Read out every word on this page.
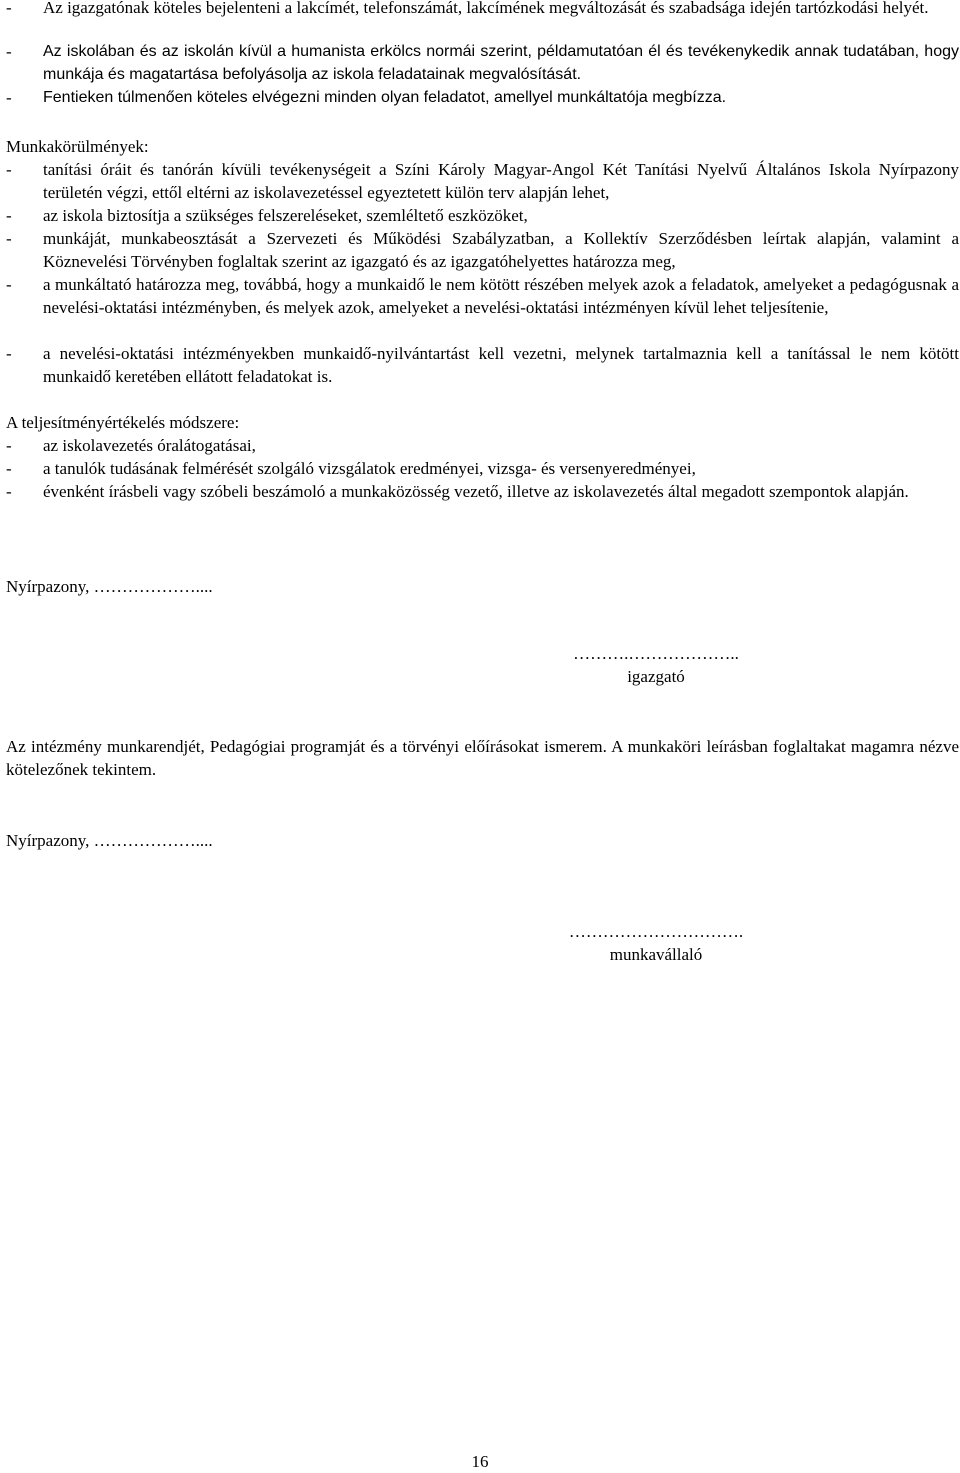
- Az igazgatónak köteles bejelenteni a lakcímét, telefonszámát, lakcímének megváltozását és szabadsága idején tartózkodási helyét.
- Az iskolában és az iskolán kívül a humanista erkölcs normái szerint, példamutatóan él és tevékenykedik annak tudatában, hogy munkája és magatartása befolyásolja az iskola feladatainak megvalósítását.
- Fentieken túlmenően köteles elvégezni minden olyan feladatot, amellyel munkáltatója megbízza.
Munkakörülmények:
- tanítási óráit és tanórán kívüli tevékenységeit a Színi Károly Magyar-Angol Két Tanítási Nyelvű Általános Iskola Nyírpazony területén végzi, ettől eltérni az iskolavezetéssel egyeztetett külön terv alapján lehet,
- az iskola biztosítja a szükséges felszereléseket, szemléltető eszközöket,
- munkáját, munkabeosztását a Szervezeti és Működési Szabályzatban, a Kollektív Szerződésben leírtak alapján, valamint a Köznevelési Törvényben foglaltak szerint az igazgató és az igazgatóhelyettes határozza meg,
- a munkáltató határozza meg, továbbá, hogy a munkaidő le nem kötött részében melyek azok a feladatok, amelyeket a pedagógusnak a nevelési-oktatási intézményben, és melyek azok, amelyeket a nevelési-oktatási intézményen kívül lehet teljesítenie,
- a nevelési-oktatási intézményekben munkaidő-nyilvántartást kell vezetni, melynek tartalmaznia kell a tanítással le nem kötött munkaidő keretében ellátott feladatokat is.
A teljesítményértékelés módszere:
- az iskolavezetés óralátogatásai,
- a tanulók tudásának felmérését szolgáló vizsgálatok eredményei, vizsga- és versenyeredményei,
- évenként írásbeli vagy szóbeli beszámoló a munkaközösség vezető, illetve az iskolavezetés által megadott szempontok alapján.
Nyírpazony, ………………....
……….………………..
igazgató
Az intézmény munkarendjét, Pedagógiai programját és a törvényi előírásokat ismerem. A munkaköri leírásban foglaltakat magamra nézve kötelezőnek tekintem.
Nyírpazony, ………………....
………………………….
munkavállaló
16
